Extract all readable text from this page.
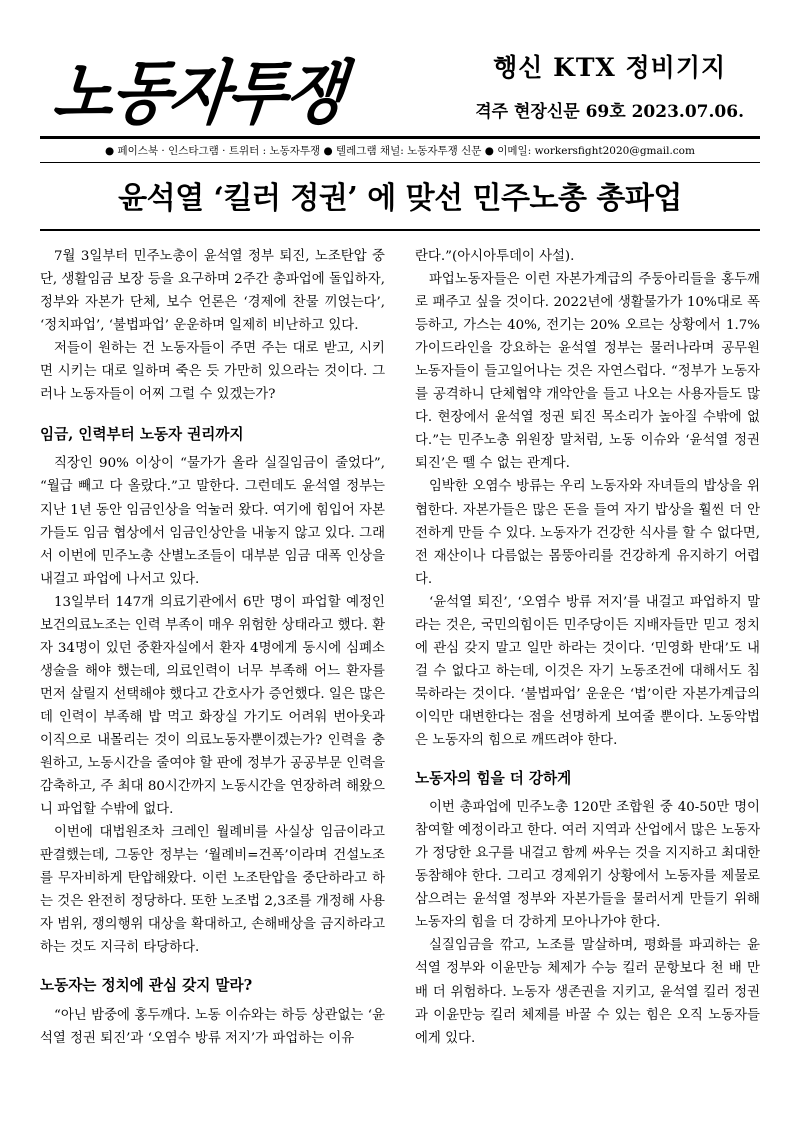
노동자투쟁	행신 KTX 정비기지
격주 현장신문 69호 2023.07.06.
● 페이스북 · 인스타그램 · 트위터 : 노동자투쟁 ● 텔레그램 채널: 노동자투쟁 신문 ● 이메일: workersfight2020@gmail.com
윤석열 ‘킬러 정권’ 에 맞선 민주노총 총파업

7월 3일부터 민주노총이 윤석열 정부 퇴진, 노조탄압 중단, 생활임금 보장 등을 요구하며 2주간 총파업에 돌입하자, 정부와 자본가 단체, 보수 언론은 ‘경제에 찬물 끼얹는다’, ‘정치파업’, ‘불법파업’ 운운하며 일제히 비난하고 있다.

저들이 원하는 건 노동자들이 주면 주는 대로 받고, 시키면 시키는 대로 일하며 죽은 듯 가만히 있으라는 것이다. 그러나 노동자들이 어찌 그럴 수 있겠는가?

임금, 인력부터 노동자 권리까지

직장인 90% 이상이 “물가가 올라 실질임금이 줄었다”, “월급 빼고 다 올랐다.”고 말한다. 그런데도 윤석열 정부는 지난 1년 동안 임금인상을 억눌러 왔다. 여기에 힘입어 자본가들도 임금 협상에서 임금인상안을 내놓지 않고 있다. 그래서 이번에 민주노총 산별노조들이 대부분 임금 대폭 인상을 내걸고 파업에 나서고 있다.

13일부터 147개 의료기관에서 6만 명이 파업할 예정인 보건의료노조는 인력 부족이 매우 위험한 상태라고 했다. 환자 34명이 있던 중환자실에서 환자 4명에게 동시에 심폐소생술을 해야 했는데, 의료인력이 너무 부족해 어느 환자를 먼저 살릴지 선택해야 했다고 간호사가 증언했다. 일은 많은데 인력이 부족해 밥 먹고 화장실 가기도 어려워 번아웃과 이직으로 내몰리는 것이 의료노동자뿐이겠는가? 인력을 충원하고, 노동시간을 줄여야 할 판에 정부가 공공부문 인력을 감축하고, 주 최대 80시간까지 노동시간을 연장하려 해왔으니 파업할 수밖에 없다.

이번에 대법원조차 크레인 월례비를 사실상 임금이라고 판결했는데, 그동안 정부는 ‘월례비=건폭’이라며 건설노조를 무자비하게 탄압해왔다. 이런 노조탄압을 중단하라고 하는 것은 완전히 정당하다. 또한 노조법 2,3조를 개정해 사용자 범위, 쟁의행위 대상을 확대하고, 손해배상을 금지하라고 하는 것도 지극히 타당하다.

노동자는 정치에 관심 갖지 말라?

“아닌 밤중에 홍두깨다. 노동 이슈와는 하등 상관없는 ‘윤석열 정권 퇴진’과 ‘오염수 방류 저지’가 파업하는 이유

란다.”(아시아투데이 사설).

파업노동자들은 이런 자본가계급의 주둥아리들을 홍두깨로 패주고 싶을 것이다. 2022년에 생활물가가 10%대로 폭등하고, 가스는 40%, 전기는 20% 오르는 상황에서 1.7% 가이드라인을 강요하는 윤석열 정부는 물러나라며 공무원 노동자들이 들고일어나는 것은 자연스럽다. “정부가 노동자를 공격하니 단체협약 개악안을 들고 나오는 사용자들도 많다. 현장에서 윤석열 정권 퇴진 목소리가 높아질 수밖에 없다.”는 민주노총 위원장 말처럼, 노동 이슈와 ‘윤석열 정권 퇴진’은 뗄 수 없는 관계다.

임박한 오염수 방류는 우리 노동자와 자녀들의 밥상을 위협한다. 자본가들은 많은 돈을 들여 자기 밥상을 훨씬 더 안전하게 만들 수 있다. 노동자가 건강한 식사를 할 수 없다면, 전 재산이나 다름없는 몸뚱아리를 건강하게 유지하기 어렵다.

‘윤석열 퇴진’, ‘오염수 방류 저지’를 내걸고 파업하지 말라는 것은, 국민의힘이든 민주당이든 지배자들만 믿고 정치에 관심 갖지 말고 일만 하라는 것이다. ‘민영화 반대’도 내걸 수 없다고 하는데, 이것은 자기 노동조건에 대해서도 침묵하라는 것이다. ‘불법파업’ 운운은 ‘법’이란 자본가계급의 이익만 대변한다는 점을 선명하게 보여줄 뿐이다. 노동악법은 노동자의 힘으로 깨뜨려야 한다.

노동자의 힘을 더 강하게

이번 총파업에 민주노총 120만 조합원 중 40-50만 명이 참여할 예정이라고 한다. 여러 지역과 산업에서 많은 노동자가 정당한 요구를 내걸고 함께 싸우는 것을 지지하고 최대한 동참해야 한다. 그리고 경제위기 상황에서 노동자를 제물로 삼으려는 윤석열 정부와 자본가들을 물러서게 만들기 위해 노동자의 힘을 더 강하게 모아나가야 한다.

실질임금을 깎고, 노조를 말살하며, 평화를 파괴하는 윤석열 정부와 이윤만능 체제가 수능 킬러 문항보다 천 배 만 배 더 위험하다. 노동자 생존권을 지키고, 윤석열 킬러 정권과 이윤만능 킬러 체제를 바꿀 수 있는 힘은 오직 노동자들에게 있다.
